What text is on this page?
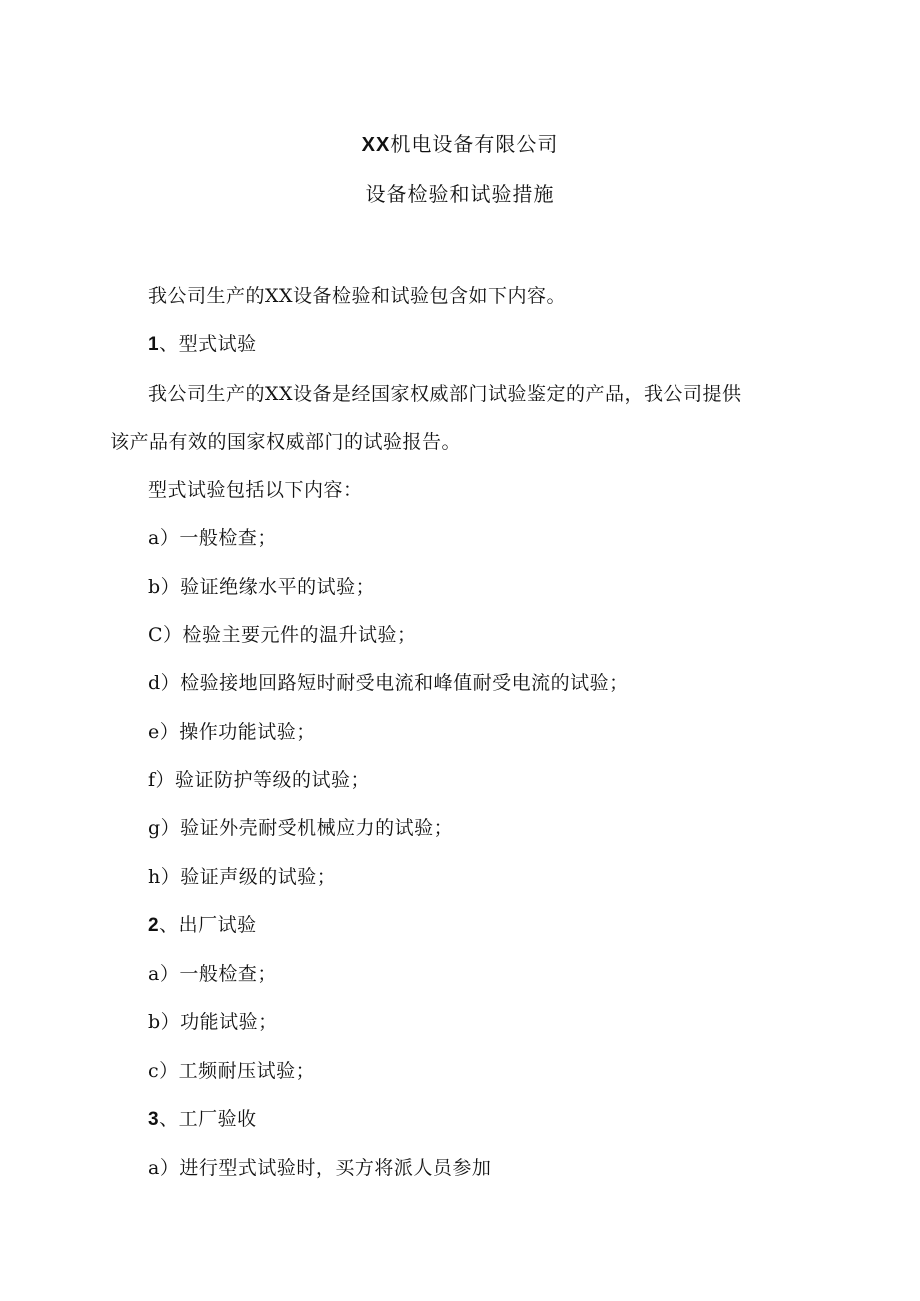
XX机电设备有限公司
设备检验和试验措施

我公司生产的XX设备检验和试验包含如下内容。

1、型式试验

我公司生产的XX设备是经国家权威部门试验鉴定的产品，我公司提供

该产品有效的国家权威部门的试验报告。

型式试验包括以下内容：

a）一般检查；

b）验证绝缘水平的试验；

C）检验主要元件的温升试验；

d）检验接地回路短时耐受电流和峰值耐受电流的试验；

e）操作功能试验；

f）验证防护等级的试验；

g）验证外壳耐受机械应力的试验；

h）验证声级的试验；

2、出厂试验

a）一般检查；

b）功能试验；

c）工频耐压试验；

3、工厂验收

a）进行型式试验时，买方将派人员参加
